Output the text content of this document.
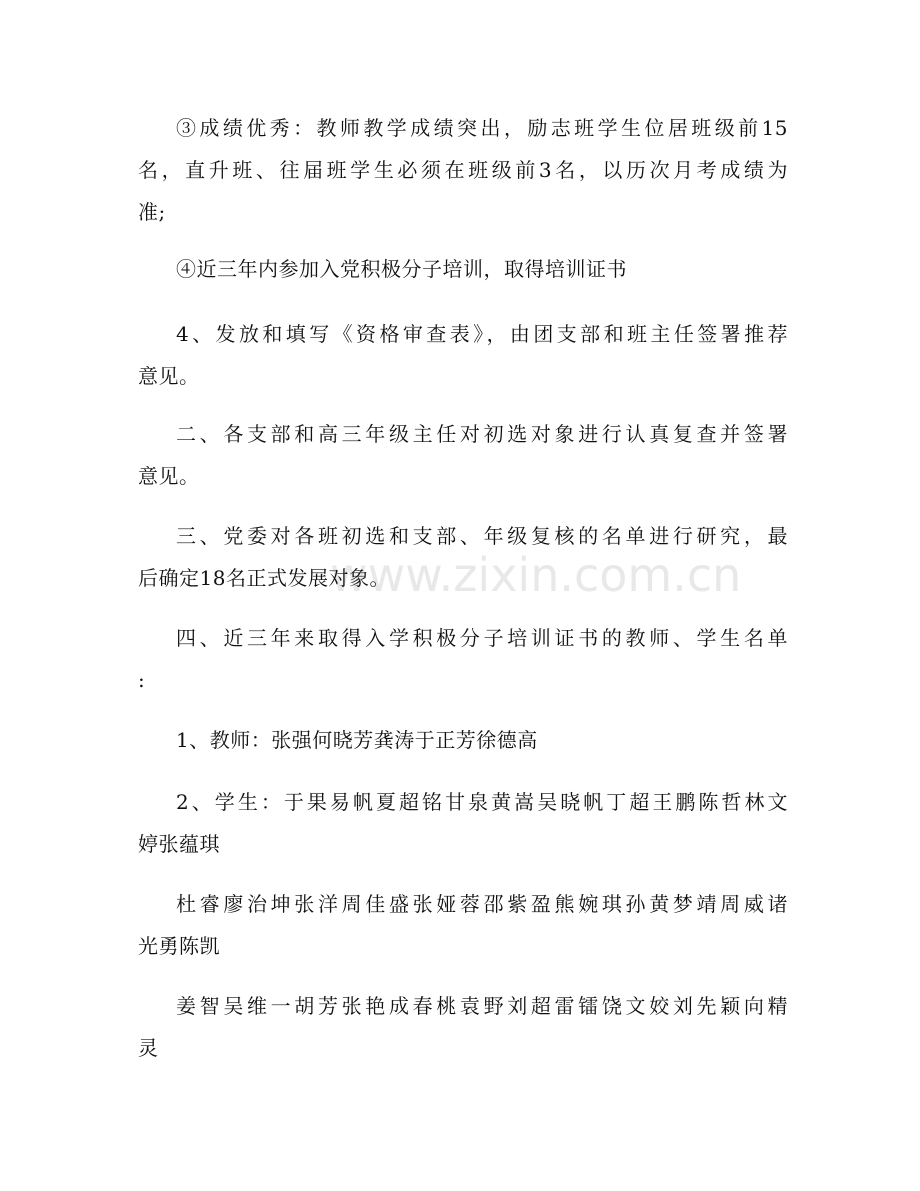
www.zixin.com.cn
③成绩优秀：教师教学成绩突出，励志班学生位居班级前15
名，直升班、往届班学生必须在班级前3名，以历次月考成绩为
准;
④近三年内参加入党积极分子培训，取得培训证书
4、发放和填写《资格审查表》，由团支部和班主任签署推荐
意见。
二、各支部和高三年级主任对初选对象进行认真复查并签署
意见。
三、党委对各班初选和支部、年级复核的名单进行研究，最
后确定18名正式发展对象。
四、近三年来取得入学积极分子培训证书的教师、学生名单
:
1、教师：张强何晓芳龚涛于正芳徐德高
2、学生：于果易帆夏超铭甘泉黄嵩吴晓帆丁超王鹏陈哲林文
婷张蕴琪
杜睿廖治坤张洋周佳盛张娅蓉邵紫盈熊婉琪孙黄梦靖周威诸
光勇陈凯
姜智吴维一胡芳张艳成春桃袁野刘超雷镭饶文姣刘先颖向精
灵
